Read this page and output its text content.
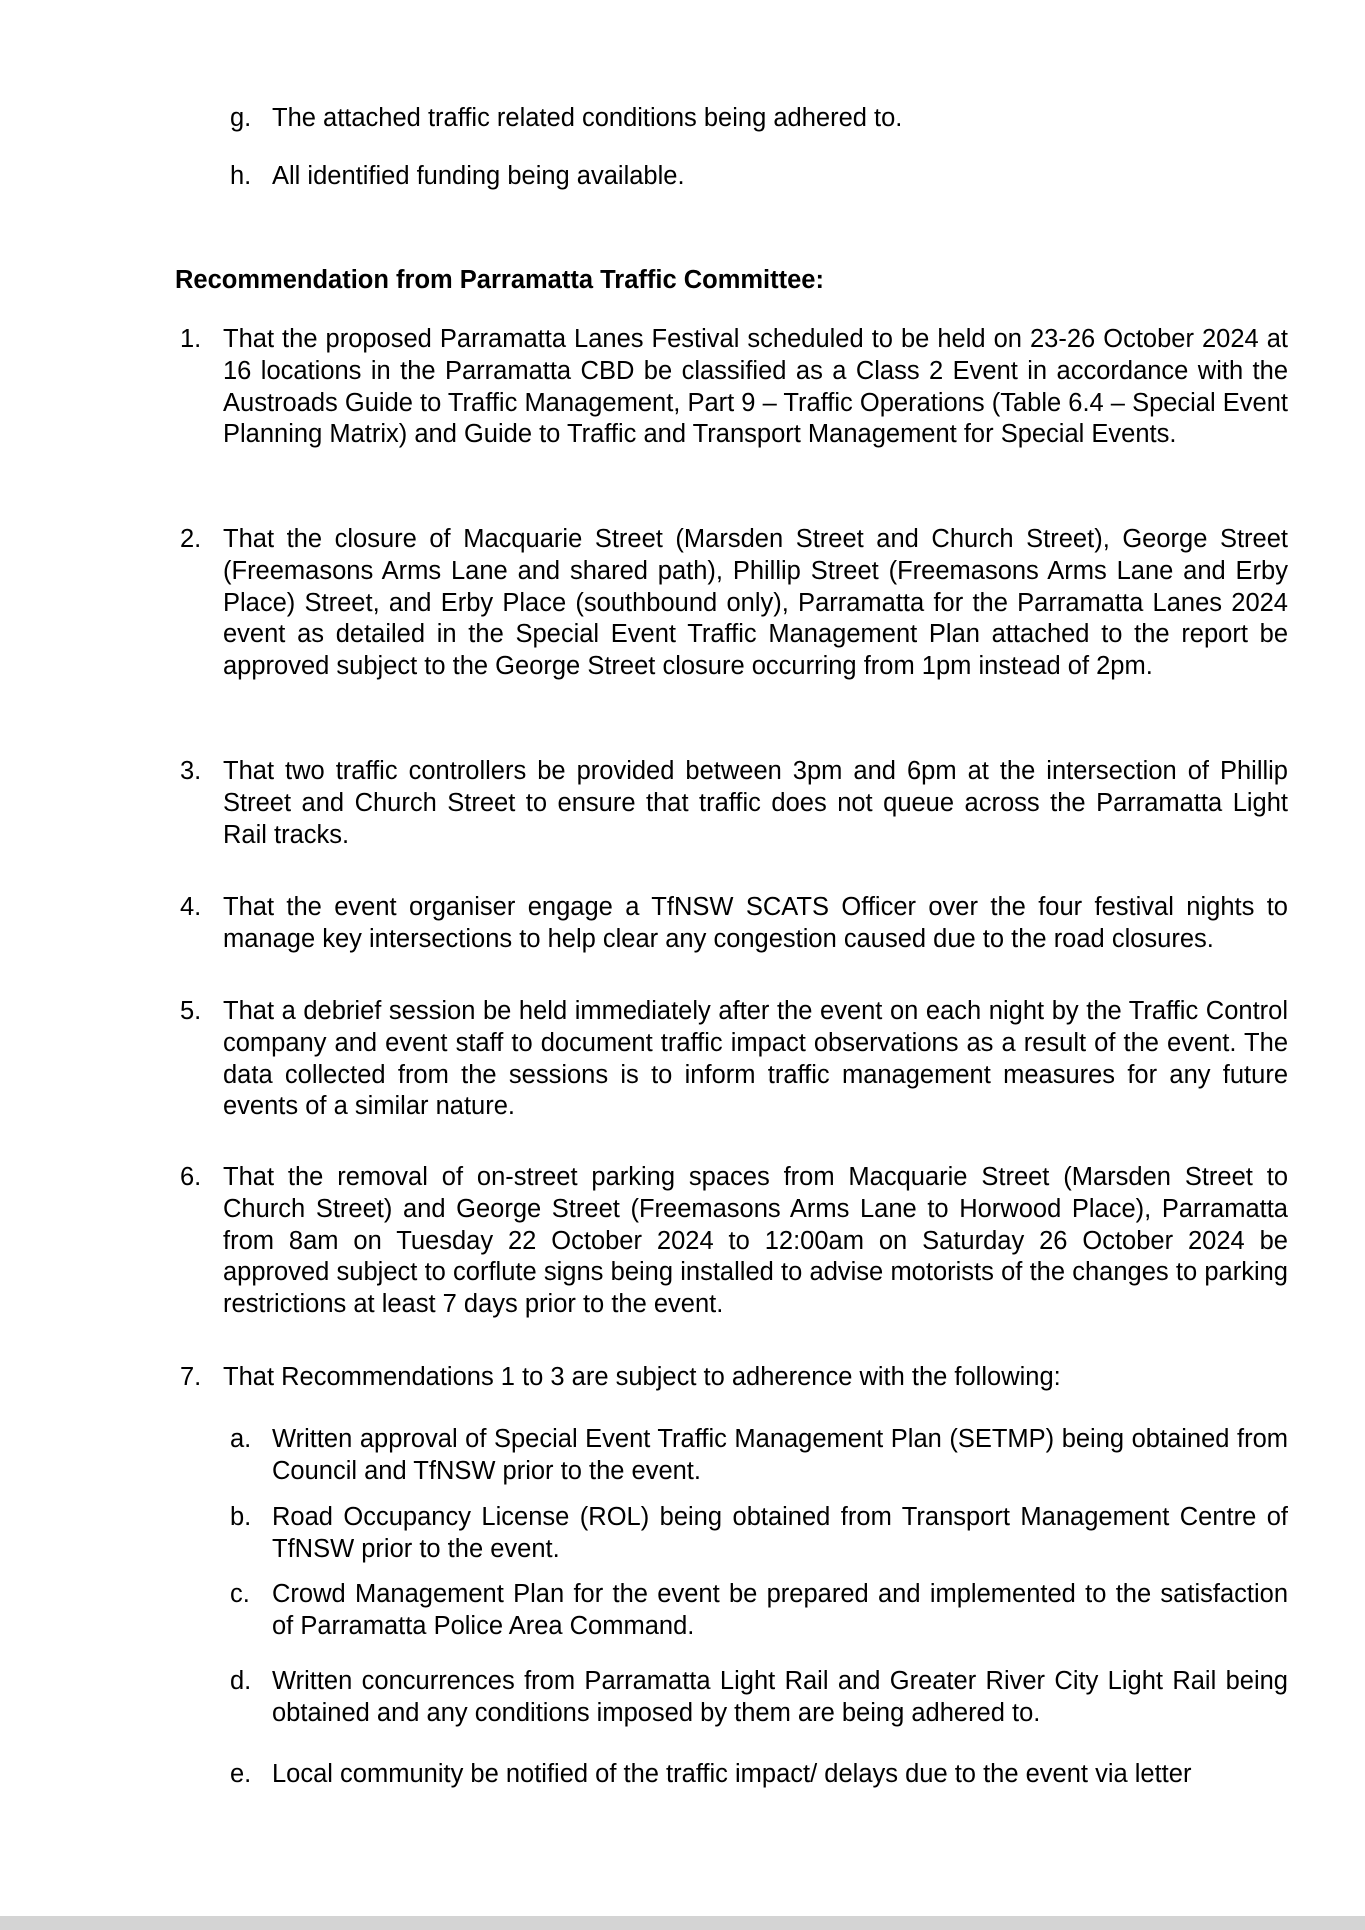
g. The attached traffic related conditions being adhered to.
h. All identified funding being available.
Recommendation from Parramatta Traffic Committee:
1. That the proposed Parramatta Lanes Festival scheduled to be held on 23-26 October 2024 at 16 locations in the Parramatta CBD be classified as a Class 2 Event in accordance with the Austroads Guide to Traffic Management, Part 9 – Traffic Operations (Table 6.4 – Special Event Planning Matrix) and Guide to Traffic and Transport Management for Special Events.
2. That the closure of Macquarie Street (Marsden Street and Church Street), George Street (Freemasons Arms Lane and shared path), Phillip Street (Freemasons Arms Lane and Erby Place) Street, and Erby Place (southbound only), Parramatta for the Parramatta Lanes 2024 event as detailed in the Special Event Traffic Management Plan attached to the report be approved subject to the George Street closure occurring from 1pm instead of 2pm.
3. That two traffic controllers be provided between 3pm and 6pm at the intersection of Phillip Street and Church Street to ensure that traffic does not queue across the Parramatta Light Rail tracks.
4. That the event organiser engage a TfNSW SCATS Officer over the four festival nights to manage key intersections to help clear any congestion caused due to the road closures.
5. That a debrief session be held immediately after the event on each night by the Traffic Control company and event staff to document traffic impact observations as a result of the event. The data collected from the sessions is to inform traffic management measures for any future events of a similar nature.
6. That the removal of on-street parking spaces from Macquarie Street (Marsden Street to Church Street) and George Street (Freemasons Arms Lane to Horwood Place), Parramatta from 8am on Tuesday 22 October 2024 to 12:00am on Saturday 26 October 2024 be approved subject to corflute signs being installed to advise motorists of the changes to parking restrictions at least 7 days prior to the event.
7. That Recommendations 1 to 3 are subject to adherence with the following:
a. Written approval of Special Event Traffic Management Plan (SETMP) being obtained from Council and TfNSW prior to the event.
b. Road Occupancy License (ROL) being obtained from Transport Management Centre of TfNSW prior to the event.
c. Crowd Management Plan for the event be prepared and implemented to the satisfaction of Parramatta Police Area Command.
d. Written concurrences from Parramatta Light Rail and Greater River City Light Rail being obtained and any conditions imposed by them are being adhered to.
e. Local community be notified of the traffic impact/ delays due to the event via letter
